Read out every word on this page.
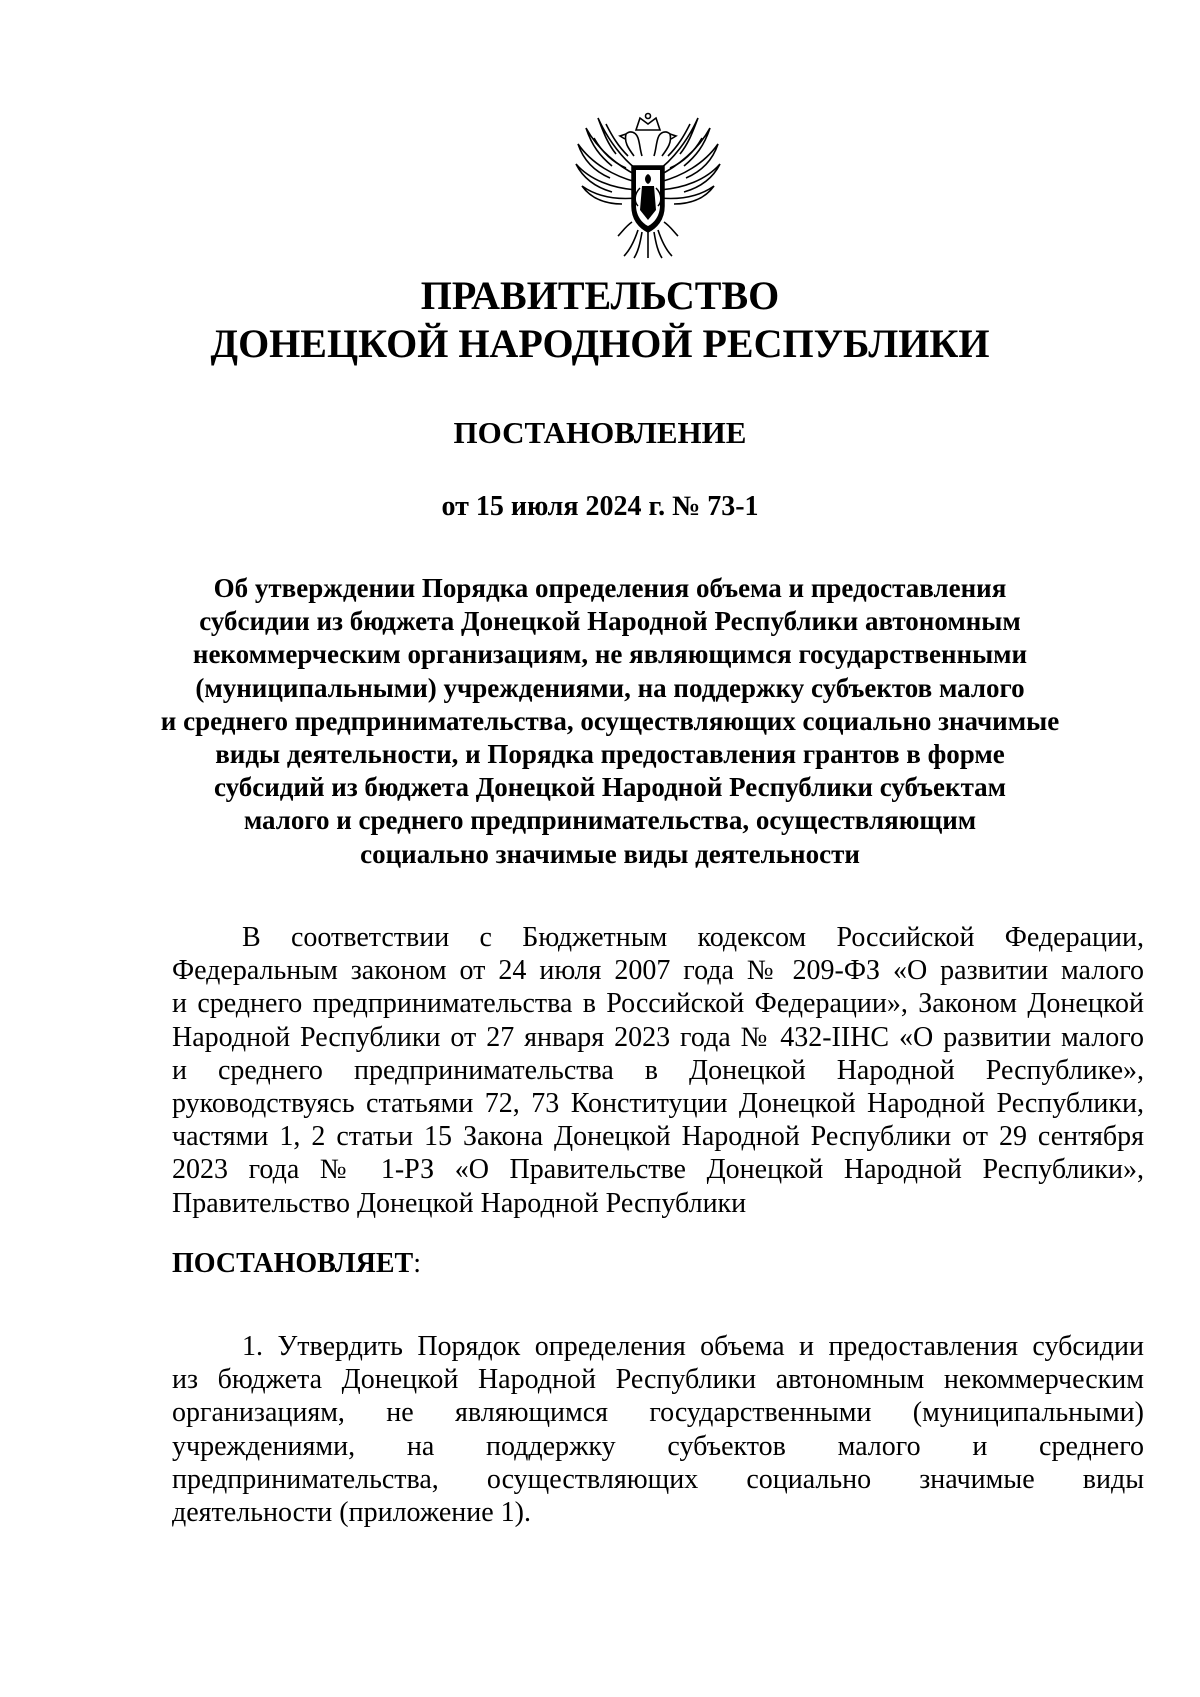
ПРАВИТЕЛЬСТВО
ДОНЕЦКОЙ НАРОДНОЙ РЕСПУБЛИКИ
ПОСТАНОВЛЕНИЕ

от 15 июля 2024 г. № 73-1

Об утверждении Порядка определения объема и предоставления
субсидии из бюджета Донецкой Народной Республики автономным
некоммерческим организациям, не являющимся государственными
(муниципальными) учреждениями, на поддержку субъектов малого
и среднего предпринимательства, осуществляющих социально значимые
виды деятельности, и Порядка предоставления грантов в форме
субсидий из бюджета Донецкой Народной Республики субъектам
малого и среднего предпринимательства, осуществляющим
социально значимые виды деятельности

В соответствии с Бюджетным кодексом Российской Федерации,
Федеральным законом от 24 июля 2007 года № 209-ФЗ «О развитии малого
и среднего предпринимательства в Российской Федерации», Законом Донецкой
Народной Республики от 27 января 2023 года № 432-IIНС «О развитии малого
и среднего предпринимательства в Донецкой Народной Республике»,
руководствуясь статьями 72, 73 Конституции Донецкой Народной Республики,
частями 1, 2 статьи 15 Закона Донецкой Народной Республики от 29 сентября
2023 года № 1-РЗ «О Правительстве Донецкой Народной Республики»,
Правительство Донецкой Народной Республики

ПОСТАНОВЛЯЕТ:

1. Утвердить Порядок определения объема и предоставления субсидии
из бюджета Донецкой Народной Республики автономным некоммерческим
организациям, не являющимся государственными (муниципальными)
учреждениями, на поддержку субъектов малого и среднего
предпринимательства, осуществляющих социально значимые виды
деятельности (приложение 1).
